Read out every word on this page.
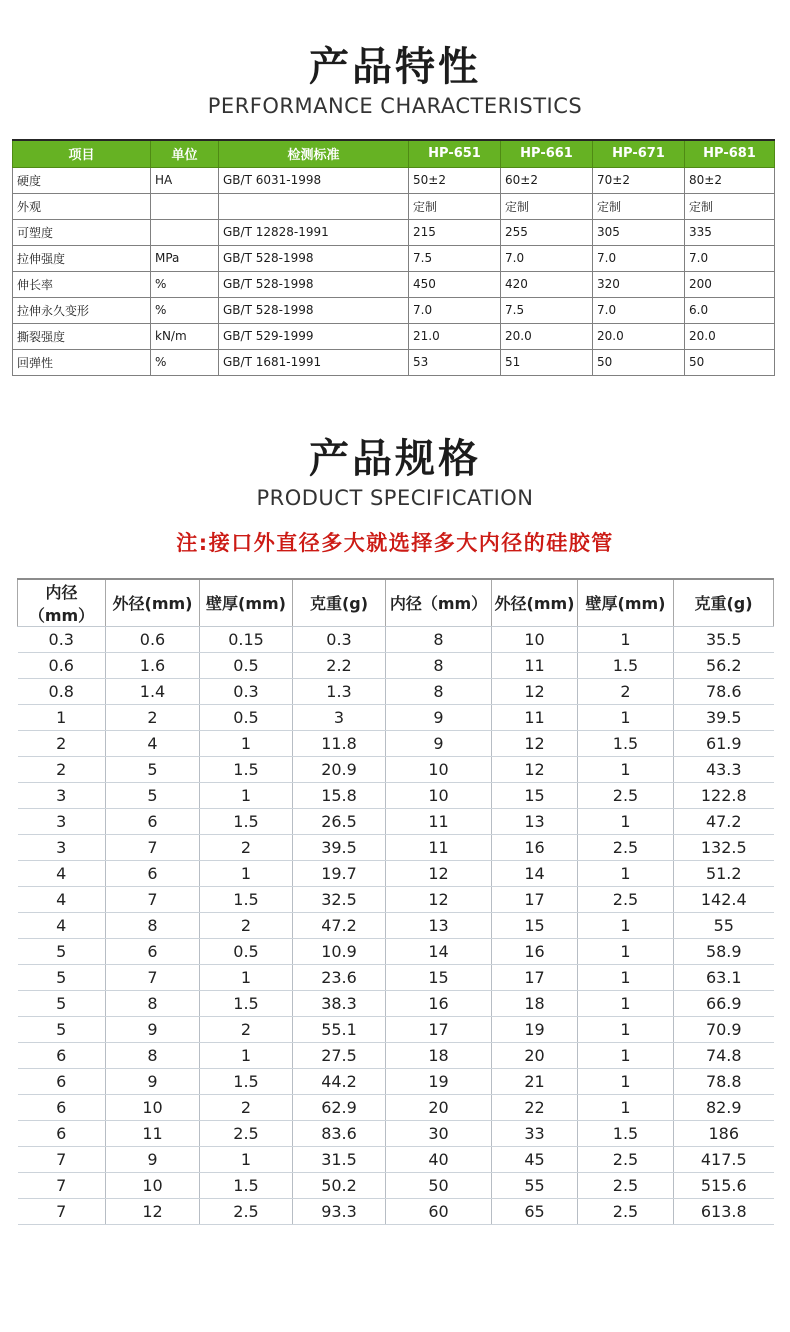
产品特性
PERFORMANCE CHARACTERISTICS
项目	单位	检测标准	HP-651	HP-661	HP-671	HP-681
硬度	HA	GB/T 6031-1998	50±2	60±2	70±2	80±2
外观			定制	定制	定制	定制
可塑度		GB/T 12828-1991	215	255	305	335
拉伸强度	MPa	GB/T 528-1998	7.5	7.0	7.0	7.0
伸长率	%	GB/T 528-1998	450	420	320	200
拉伸永久变形	%	GB/T 528-1998	7.0	7.5	7.0	6.0
撕裂强度	kN/m	GB/T 529-1999	21.0	20.0	20.0	20.0
回弹性	%	GB/T 1681-1991	53	51	50	50
产品规格
PRODUCT SPECIFICATION
注:接口外直径多大就选择多大内径的硅胶管
内径（mm）	外径(mm)	壁厚(mm)	克重(g)	内径（mm）	外径(mm)	壁厚(mm)	克重(g)
0.3	0.6	0.15	0.3	8	10	1	35.5
0.6	1.6	0.5	2.2	8	11	1.5	56.2
0.8	1.4	0.3	1.3	8	12	2	78.6
1	2	0.5	3	9	11	1	39.5
2	4	1	11.8	9	12	1.5	61.9
2	5	1.5	20.9	10	12	1	43.3
3	5	1	15.8	10	15	2.5	122.8
3	6	1.5	26.5	11	13	1	47.2
3	7	2	39.5	11	16	2.5	132.5
4	6	1	19.7	12	14	1	51.2
4	7	1.5	32.5	12	17	2.5	142.4
4	8	2	47.2	13	15	1	55
5	6	0.5	10.9	14	16	1	58.9
5	7	1	23.6	15	17	1	63.1
5	8	1.5	38.3	16	18	1	66.9
5	9	2	55.1	17	19	1	70.9
6	8	1	27.5	18	20	1	74.8
6	9	1.5	44.2	19	21	1	78.8
6	10	2	62.9	20	22	1	82.9
6	11	2.5	83.6	30	33	1.5	186
7	9	1	31.5	40	45	2.5	417.5
7	10	1.5	50.2	50	55	2.5	515.6
7	12	2.5	93.3	60	65	2.5	613.8
